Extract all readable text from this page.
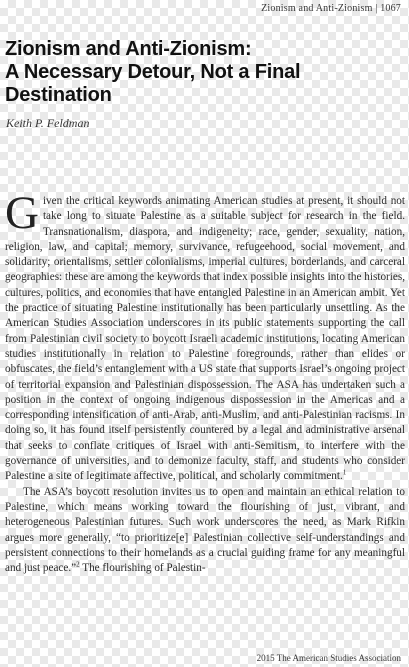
Zionism and Anti-Zionism | 1067
Zionism and Anti-Zionism:
A Necessary Detour, Not a Final
Destination
Keith P. Feldman

Given the critical keywords animating American studies at present, it should not take long to situate Palestine as a suitable subject for research in the field. Transnationalism, diaspora, and indigeneity; race, gender, sexuality, nation, religion, law, and capital; memory, survivance, refugeehood, social movement, and solidarity; orientalisms, settler colonialisms, imperial cultures, borderlands, and carceral geographies: these are among the keywords that index possible insights into the histories, cultures, politics, and economies that have entangled Palestine in an American ambit. Yet the practice of situating Palestine institutionally has been particularly unsettling. As the American Studies Association underscores in its public statements supporting the call from Palestinian civil society to boycott Israeli academic institutions, locating American studies institutionally in relation to Palestine foregrounds, rather than elides or obfuscates, the field’s entanglement with a US state that supports Israel’s ongoing project of territorial expansion and Palestinian dispossession. The ASA has undertaken such a position in the context of ongoing indigenous dispossession in the Americas and a corresponding intensification of anti-Arab, anti-Muslim, and anti-Palestinian racisms. In doing so, it has found itself persistently countered by a legal and administrative arsenal that seeks to conflate critiques of Israel with anti-Semitism, to interfere with the governance of universities, and to demonize faculty, staff, and students who consider Palestine a site of legitimate affective, political, and scholarly commitment.$^1$

The ASA’s boycott resolution invites us to open and maintain an ethical relation to Palestine, which means working toward the flourishing of just, vibrant, and heterogeneous Palestinian futures. Such work underscores the need, as Mark Rifkin argues more generally, “to prioritize[e] Palestinian collective self-understandings and persistent connections to their homelands as a crucial guiding frame for any meaningful and just peace.”$^2$ The flourishing of Palestin-

2015 The American Studies Association
